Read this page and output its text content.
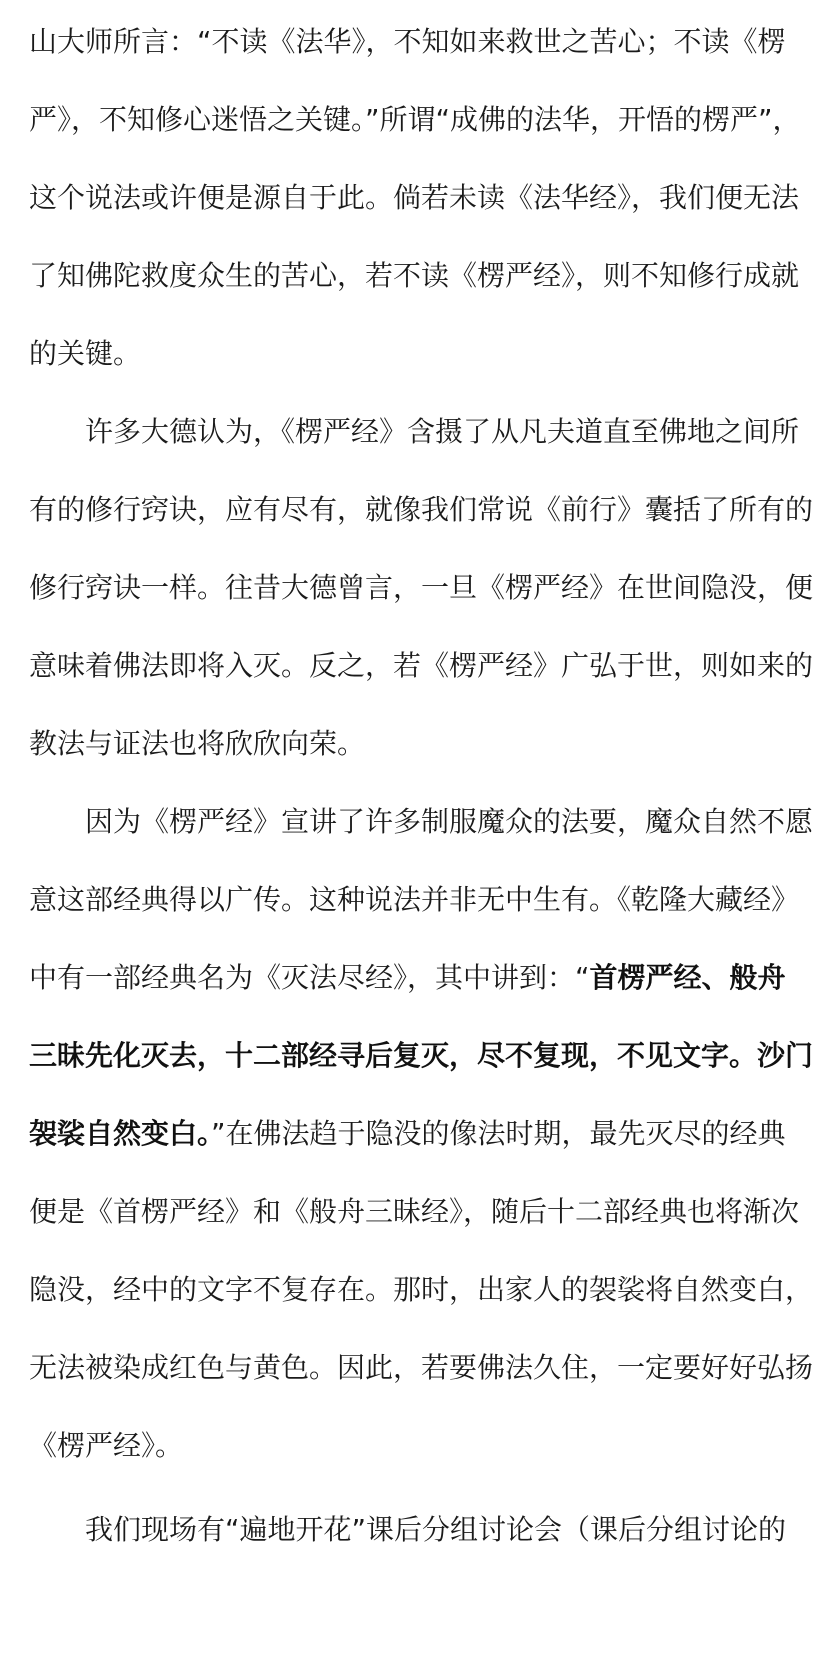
山大师所言：“不读《法华》，不知如来救世之苦心；不读《楞
严》，不知修心迷悟之关键。”所谓“成佛的法华，开悟的楞严”，
这个说法或许便是源自于此。倘若未读《法华经》，我们便无法
了知佛陀救度众生的苦心，若不读《楞严经》，则不知修行成就
的关键。
许多大德认为，《楞严经》含摄了从凡夫道直至佛地之间所
有的修行窍诀，应有尽有，就像我们常说《前行》囊括了所有的
修行窍诀一样。往昔大德曾言，一旦《楞严经》在世间隐没，便
意味着佛法即将入灭。反之，若《楞严经》广弘于世，则如来的
教法与证法也将欣欣向荣。
因为《楞严经》宣讲了许多制服魔众的法要，魔众自然不愿
意这部经典得以广传。这种说法并非无中生有。《乾隆大藏经》
中有一部经典名为《灭法尽经》，其中讲到：“首楞严经、般舟
三昧先化灭去，十二部经寻后复灭，尽不复现，不见文字。沙门
袈裟自然变白。”在佛法趋于隐没的像法时期，最先灭尽的经典
便是《首楞严经》和《般舟三昧经》，随后十二部经典也将渐次
隐没，经中的文字不复存在。那时，出家人的袈裟将自然变白，
无法被染成红色与黄色。因此，若要佛法久住，一定要好好弘扬
《楞严经》。
我们现场有“遍地开花”课后分组讨论会（课后分组讨论的
